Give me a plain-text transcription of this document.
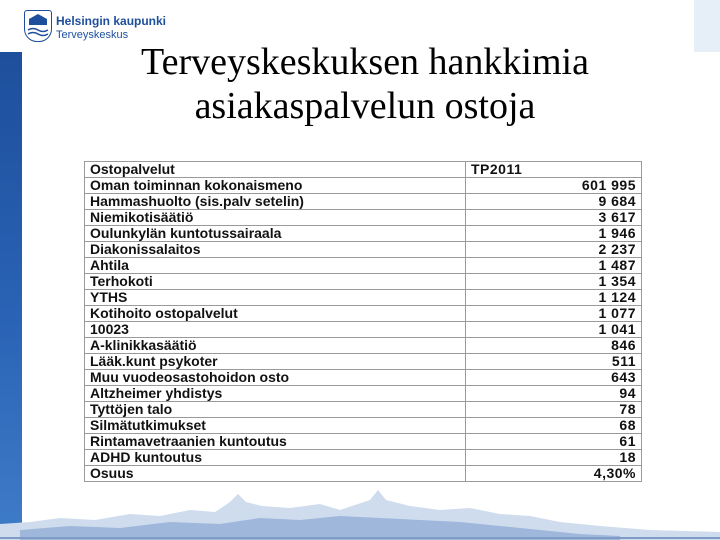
Helsingin kaupunki
Terveyskeskus
Terveyskeskuksen hankkimia
asiakaspalvelun ostoja
Ostopalvelut	TP2011
Oman toiminnan kokonaismeno	601 995
Hammashuolto (sis.palv setelin)	9 684
Niemikotisäätiö	3 617
Oulunkylän kuntotussairaala	1 946
Diakonissalaitos	2 237
Ahtila	1 487
Terhokoti	1 354
YTHS	1 124
Kotihoito ostopalvelut	1 077
10023	1 041
A-klinikkasäätiö	846
Lääk.kunt psykoter	511
Muu vuodeosastohoidon osto	643
Altzheimer yhdistys	94
Tyttöjen talo	78
Silmätutkimukset	68
Rintamavetraanien kuntoutus	61
ADHD kuntoutus	18
Osuus	4,30%
